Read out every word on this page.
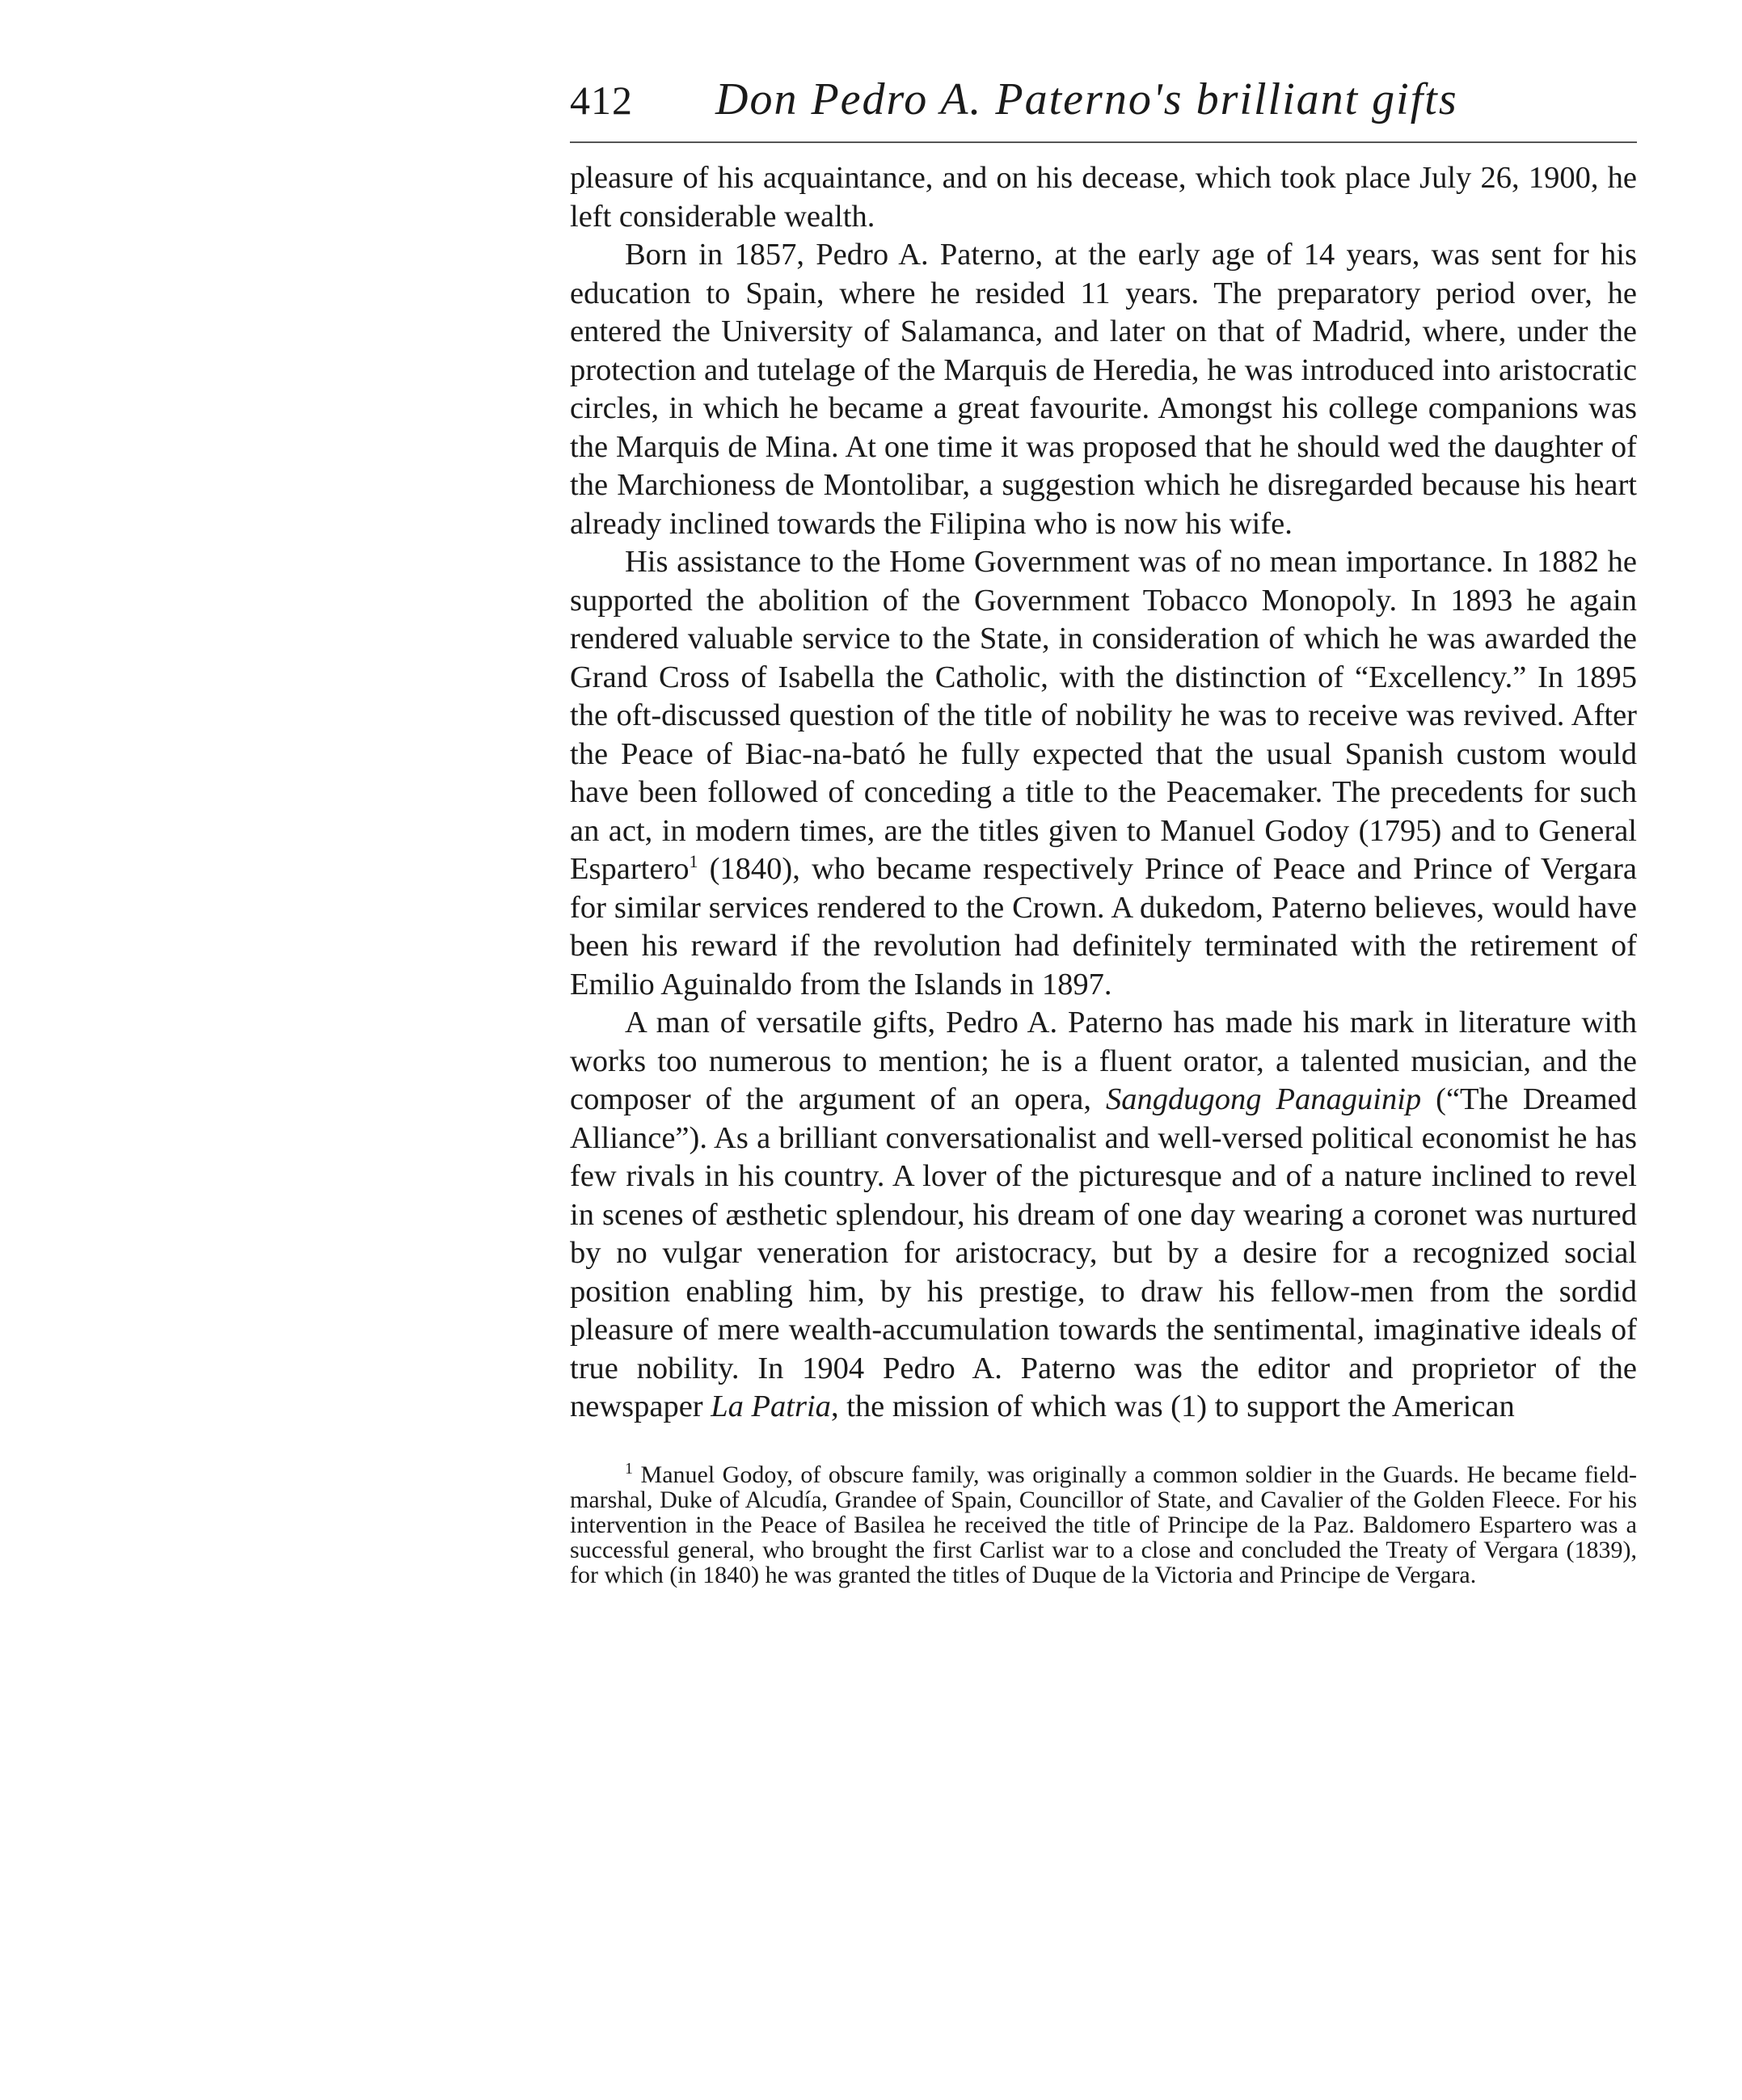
412 Don Pedro A. Paterno's brilliant gifts

pleasure of his acquaintance, and on his decease, which took place July 26, 1900, he left considerable wealth.

Born in 1857, Pedro A. Paterno, at the early age of 14 years, was sent for his education to Spain, where he resided 11 years. The preparatory period over, he entered the University of Salamanca, and later on that of Madrid, where, under the protection and tutelage of the Marquis de Heredia, he was introduced into aristocratic circles, in which he became a great favourite. Amongst his college companions was the Marquis de Mina. At one time it was proposed that he should wed the daughter of the Marchioness de Montolibar, a suggestion which he disregarded because his heart already inclined towards the Filipina who is now his wife.

His assistance to the Home Government was of no mean importance. In 1882 he supported the abolition of the Government Tobacco Monopoly. In 1893 he again rendered valuable service to the State, in consideration of which he was awarded the Grand Cross of Isabella the Catholic, with the distinction of “Excellency.” In 1895 the oft-discussed question of the title of nobility he was to receive was revived. After the Peace of Biac-na-bató he fully expected that the usual Spanish custom would have been followed of conceding a title to the Peacemaker. The precedents for such an act, in modern times, are the titles given to Manuel Godoy (1795) and to General Espartero$^1$ (1840), who became respectively Prince of Peace and Prince of Vergara for similar services rendered to the Crown. A dukedom, Paterno believes, would have been his reward if the revolution had definitely terminated with the retirement of Emilio Aguinaldo from the Islands in 1897.

A man of versatile gifts, Pedro A. Paterno has made his mark in literature with works too numerous to mention; he is a fluent orator, a talented musician, and the composer of the argument of an opera, Sangdugong Panaguinip (“The Dreamed Alliance”). As a brilliant conversationalist and well-versed political economist he has few rivals in his country. A lover of the picturesque and of a nature inclined to revel in scenes of æsthetic splendour, his dream of one day wearing a coronet was nurtured by no vulgar veneration for aristocracy, but by a desire for a recognized social position enabling him, by his prestige, to draw his fellow-men from the sordid pleasure of mere wealth-accumulation towards the sentimental, imaginative ideals of true nobility. In 1904 Pedro A. Paterno was the editor and proprietor of the newspaper La Patria, the mission of which was (1) to support the American

$^1$ Manuel Godoy, of obscure family, was originally a common soldier in the Guards. He became field-marshal, Duke of Alcudía, Grandee of Spain, Councillor of State, and Cavalier of the Golden Fleece. For his intervention in the Peace of Basilea he received the title of Principe de la Paz. Baldomero Espartero was a successful general, who brought the first Carlist war to a close and concluded the Treaty of Vergara (1839), for which (in 1840) he was granted the titles of Duque de la Victoria and Principe de Vergara.
